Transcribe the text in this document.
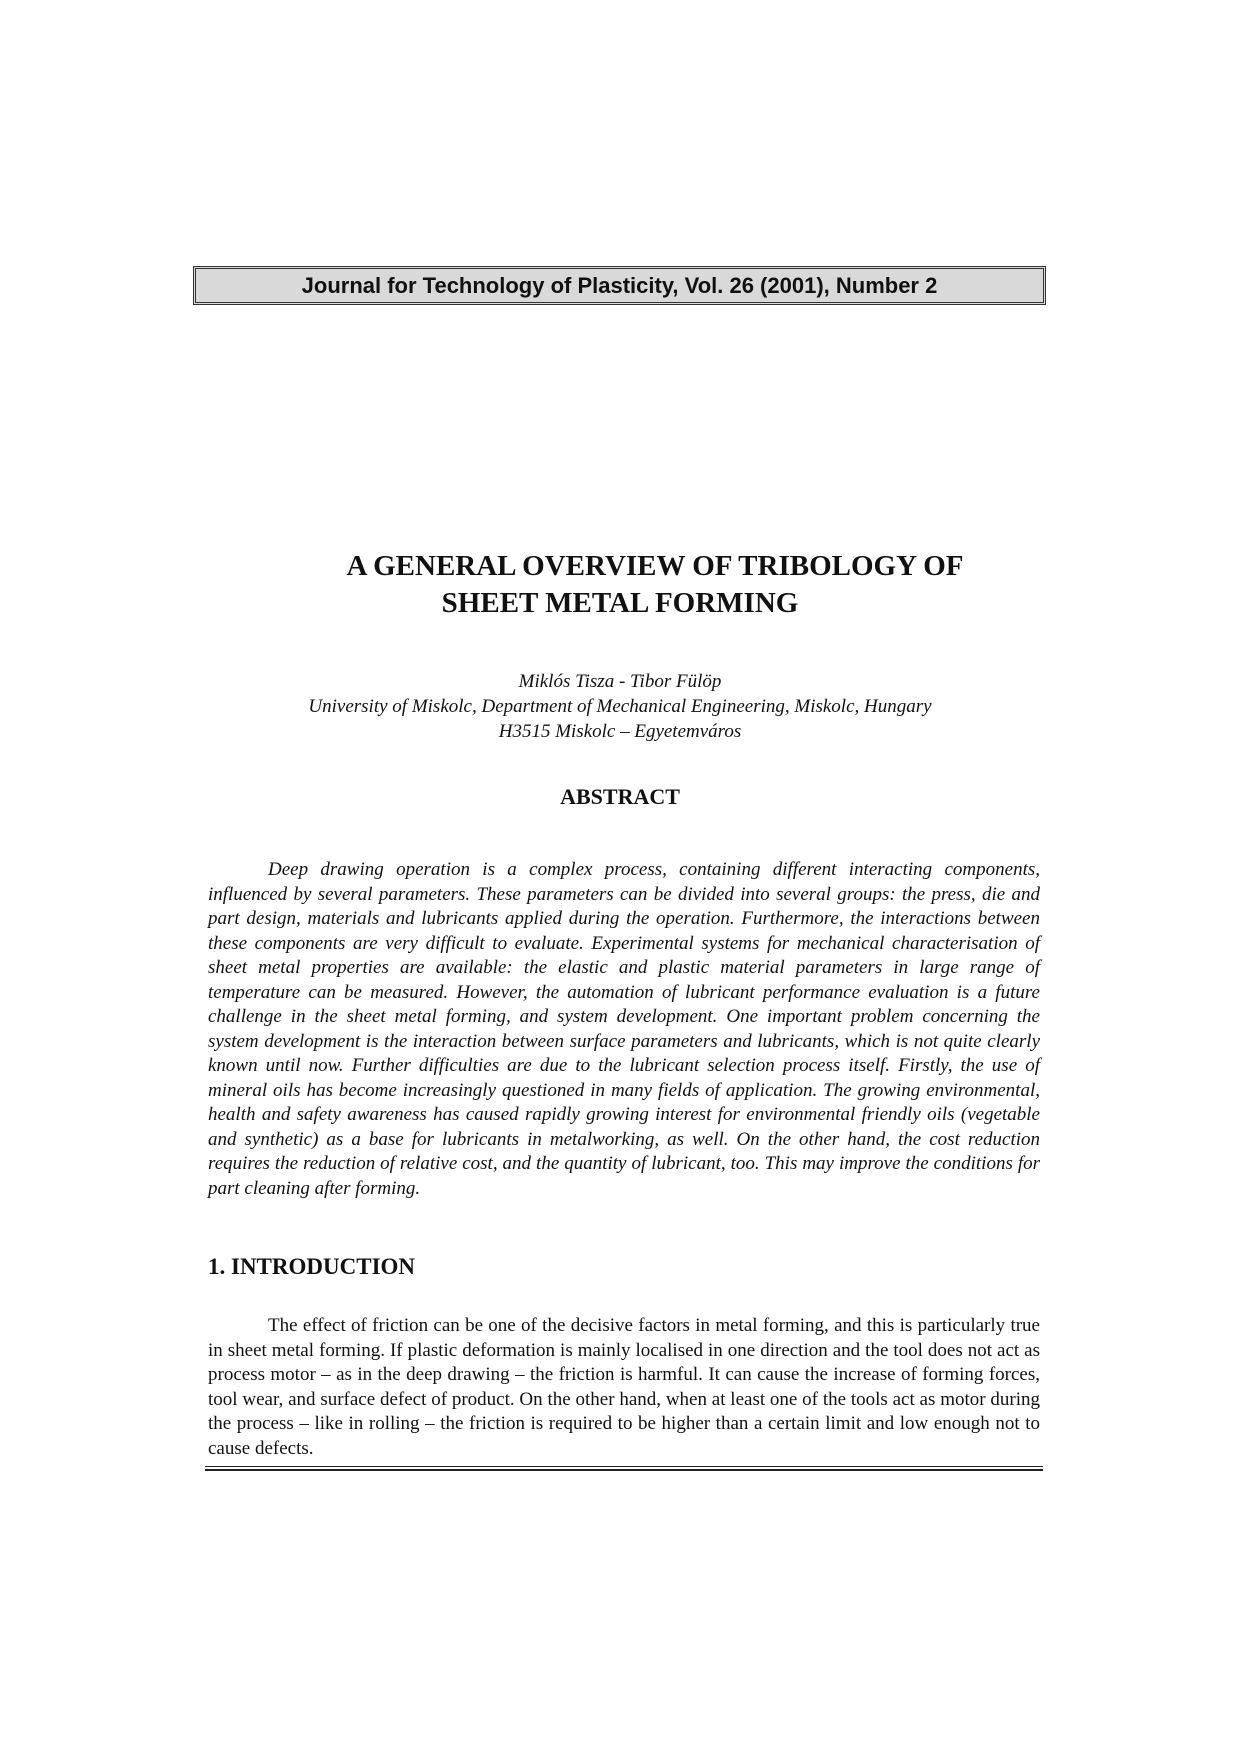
Journal for Technology of Plasticity, Vol. 26 (2001), Number 2
A GENERAL OVERVIEW OF TRIBOLOGY OF
SHEET METAL FORMING
Miklós Tisza - Tibor Fülöp
University of Miskolc, Department of Mechanical Engineering, Miskolc, Hungary
H3515 Miskolc – Egyetemváros
ABSTRACT

Deep drawing operation is a complex process, containing different interacting components, influenced by several parameters. These parameters can be divided into several groups: the press, die and part design, materials and lubricants applied during the operation. Furthermore, the interactions between these components are very difficult to evaluate. Experimental systems for mechanical characterisation of sheet metal properties are available: the elastic and plastic material parameters in large range of temperature can be measured. However, the automation of lubricant performance evaluation is a future challenge in the sheet metal forming, and system development. One important problem concerning the system development is the interaction between surface parameters and lubricants, which is not quite clearly known until now. Further difficulties are due to the lubricant selection process itself. Firstly, the use of mineral oils has become increasingly questioned in many fields of application. The growing environmental, health and safety awareness has caused rapidly growing interest for environmental friendly oils (vegetable and synthetic) as a base for lubricants in metalworking, as well. On the other hand, the cost reduction requires the reduction of relative cost, and the quantity of lubricant, too. This may improve the conditions for part cleaning after forming.

1. INTRODUCTION

The effect of friction can be one of the decisive factors in metal forming, and this is particularly true in sheet metal forming. If plastic deformation is mainly localised in one direction and the tool does not act as process motor – as in the deep drawing – the friction is harmful. It can cause the increase of forming forces, tool wear, and surface defect of product. On the other hand, when at least one of the tools act as motor during the process – like in rolling – the friction is required to be higher than a certain limit and low enough not to cause defects.
